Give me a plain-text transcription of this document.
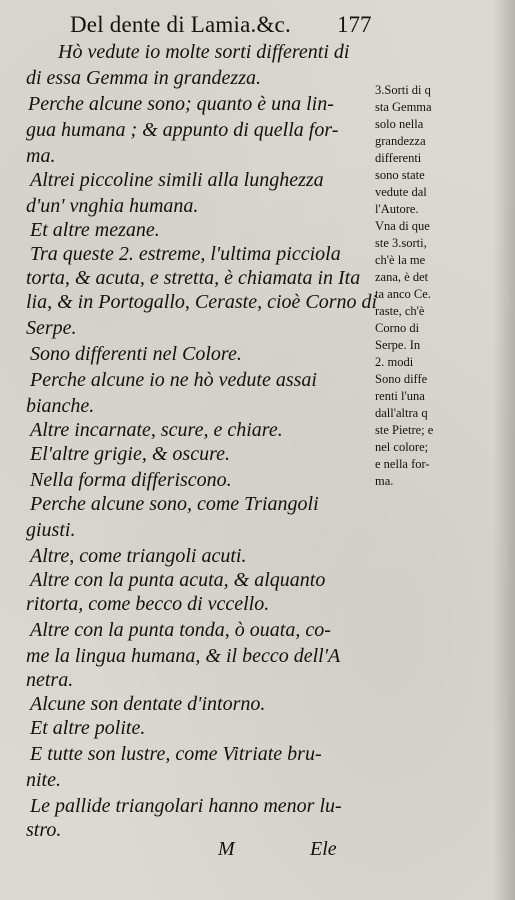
Del dente di Lamia.&c. 177
Hò vedute io molte sorti differenti di
di essa Gemma in grandezza.
Perche alcune sono; quanto è una lin-
gua humana ; & appunto di quella for-
ma.
Altrei piccoline simili alla lunghezza
d'un' vnghia humana.
Et altre mezane.
Tra queste 2. estreme, l'ultima picciola
torta, & acuta, e stretta, è chiamata in Ita
lia, & in Portogallo, Ceraste, cioè Corno di
Serpe.
Sono differenti nel Colore.
Perche alcune io ne hò vedute assai
bianche.
Altre incarnate, scure, e chiare.
El'altre grigie, & oscure.
Nella forma differiscono.
Perche alcune sono, come Triangoli
giusti.
Altre, come triangoli acuti.
Altre con la punta acuta, & alquanto
ritorta, come becco di vccello.
Altre con la punta tonda, ò ouata, co-
me la lingua humana, & il becco dell'A
netra.
Alcune son dentate d'intorno.
Et altre polite.
E tutte son lustre, come Vitriate bru-
nite.
Le pallide triangolari hanno menor lu-
stro.
3.Sorti di q
sta Gemma
solo nella
grandezza
differenti
sono state
vedute dal
l'Autore.
Vna di que
ste 3.sorti,
ch'è la me
zana, è det
ta anco Ce.
raste, ch'è
Corno di
Serpe. In
2. modi
Sono diffe
renti l'una
dall'altra q
ste Pietre; e
nel colore;
e nella for-
ma.
M	Ele
